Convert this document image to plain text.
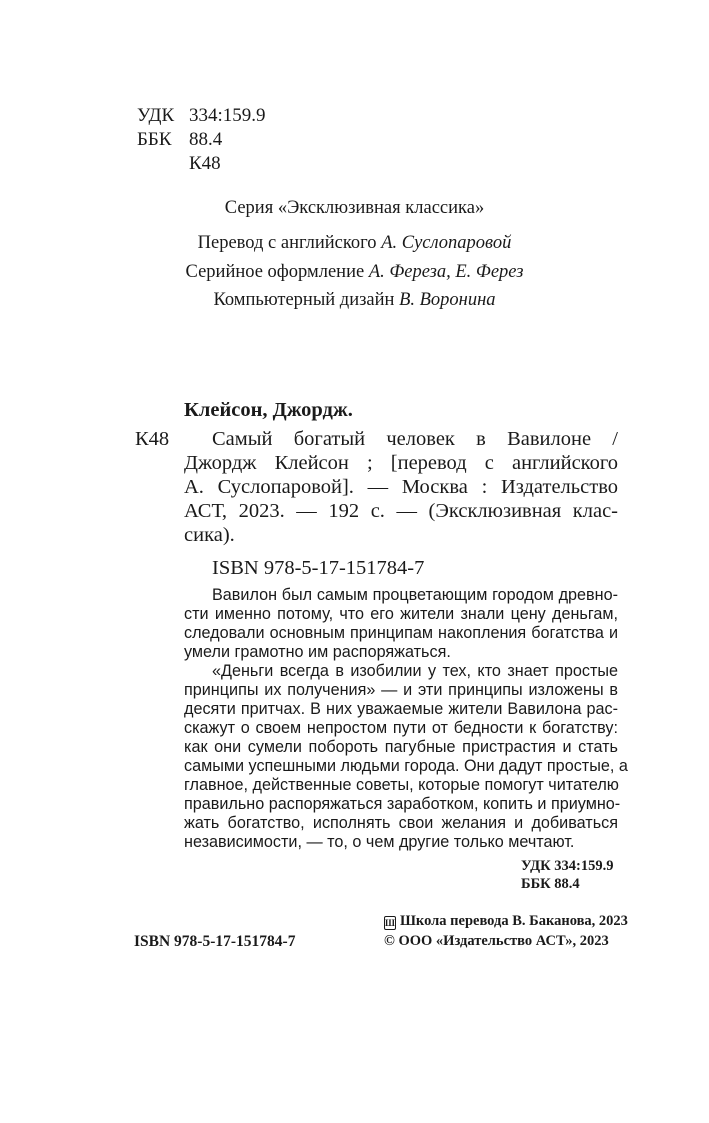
УДК 334:159.9
ББК 88.4
К48
Серия «Эксклюзивная классика»
Перевод с английского А. Суслопаровой
Серийное оформление А. Фереза, Е. Ферез
Компьютерный дизайн В. Воронина
Клейсон, Джордж.
К48 Самый богатый человек в Вавилоне /
Джордж Клейсон ; [перевод с английского
А. Суслопаровой]. — Москва : Издательство
АСТ, 2023. — 192 с. — (Эксклюзивная клас-
сика).
ISBN 978-5-17-151784-7
Вавилон был самым процветающим городом древно-
сти именно потому, что его жители знали цену деньгам,
следовали основным принципам накопления богатства и
умели грамотно им распоряжаться.
«Деньги всегда в изобилии у тех, кто знает простые
принципы их получения» — и эти принципы изложены в
десяти притчах. В них уважаемые жители Вавилона рас-
скажут о своем непростом пути от бедности к богатству:
как они сумели побороть пагубные пристрастия и стать
самыми успешными людьми города. Они дадут простые, а
главное, действенные советы, которые помогут читателю
правильно распоряжаться заработком, копить и приумно-
жать богатство, исполнять свои желания и добиваться
независимости, — то, о чем другие только мечтают.
УДК 334:159.9
ББК 88.4
ISBN 978-5-17-151784-7
Ш Школа перевода В. Баканова, 2023
© ООО «Издательство АСТ», 2023
